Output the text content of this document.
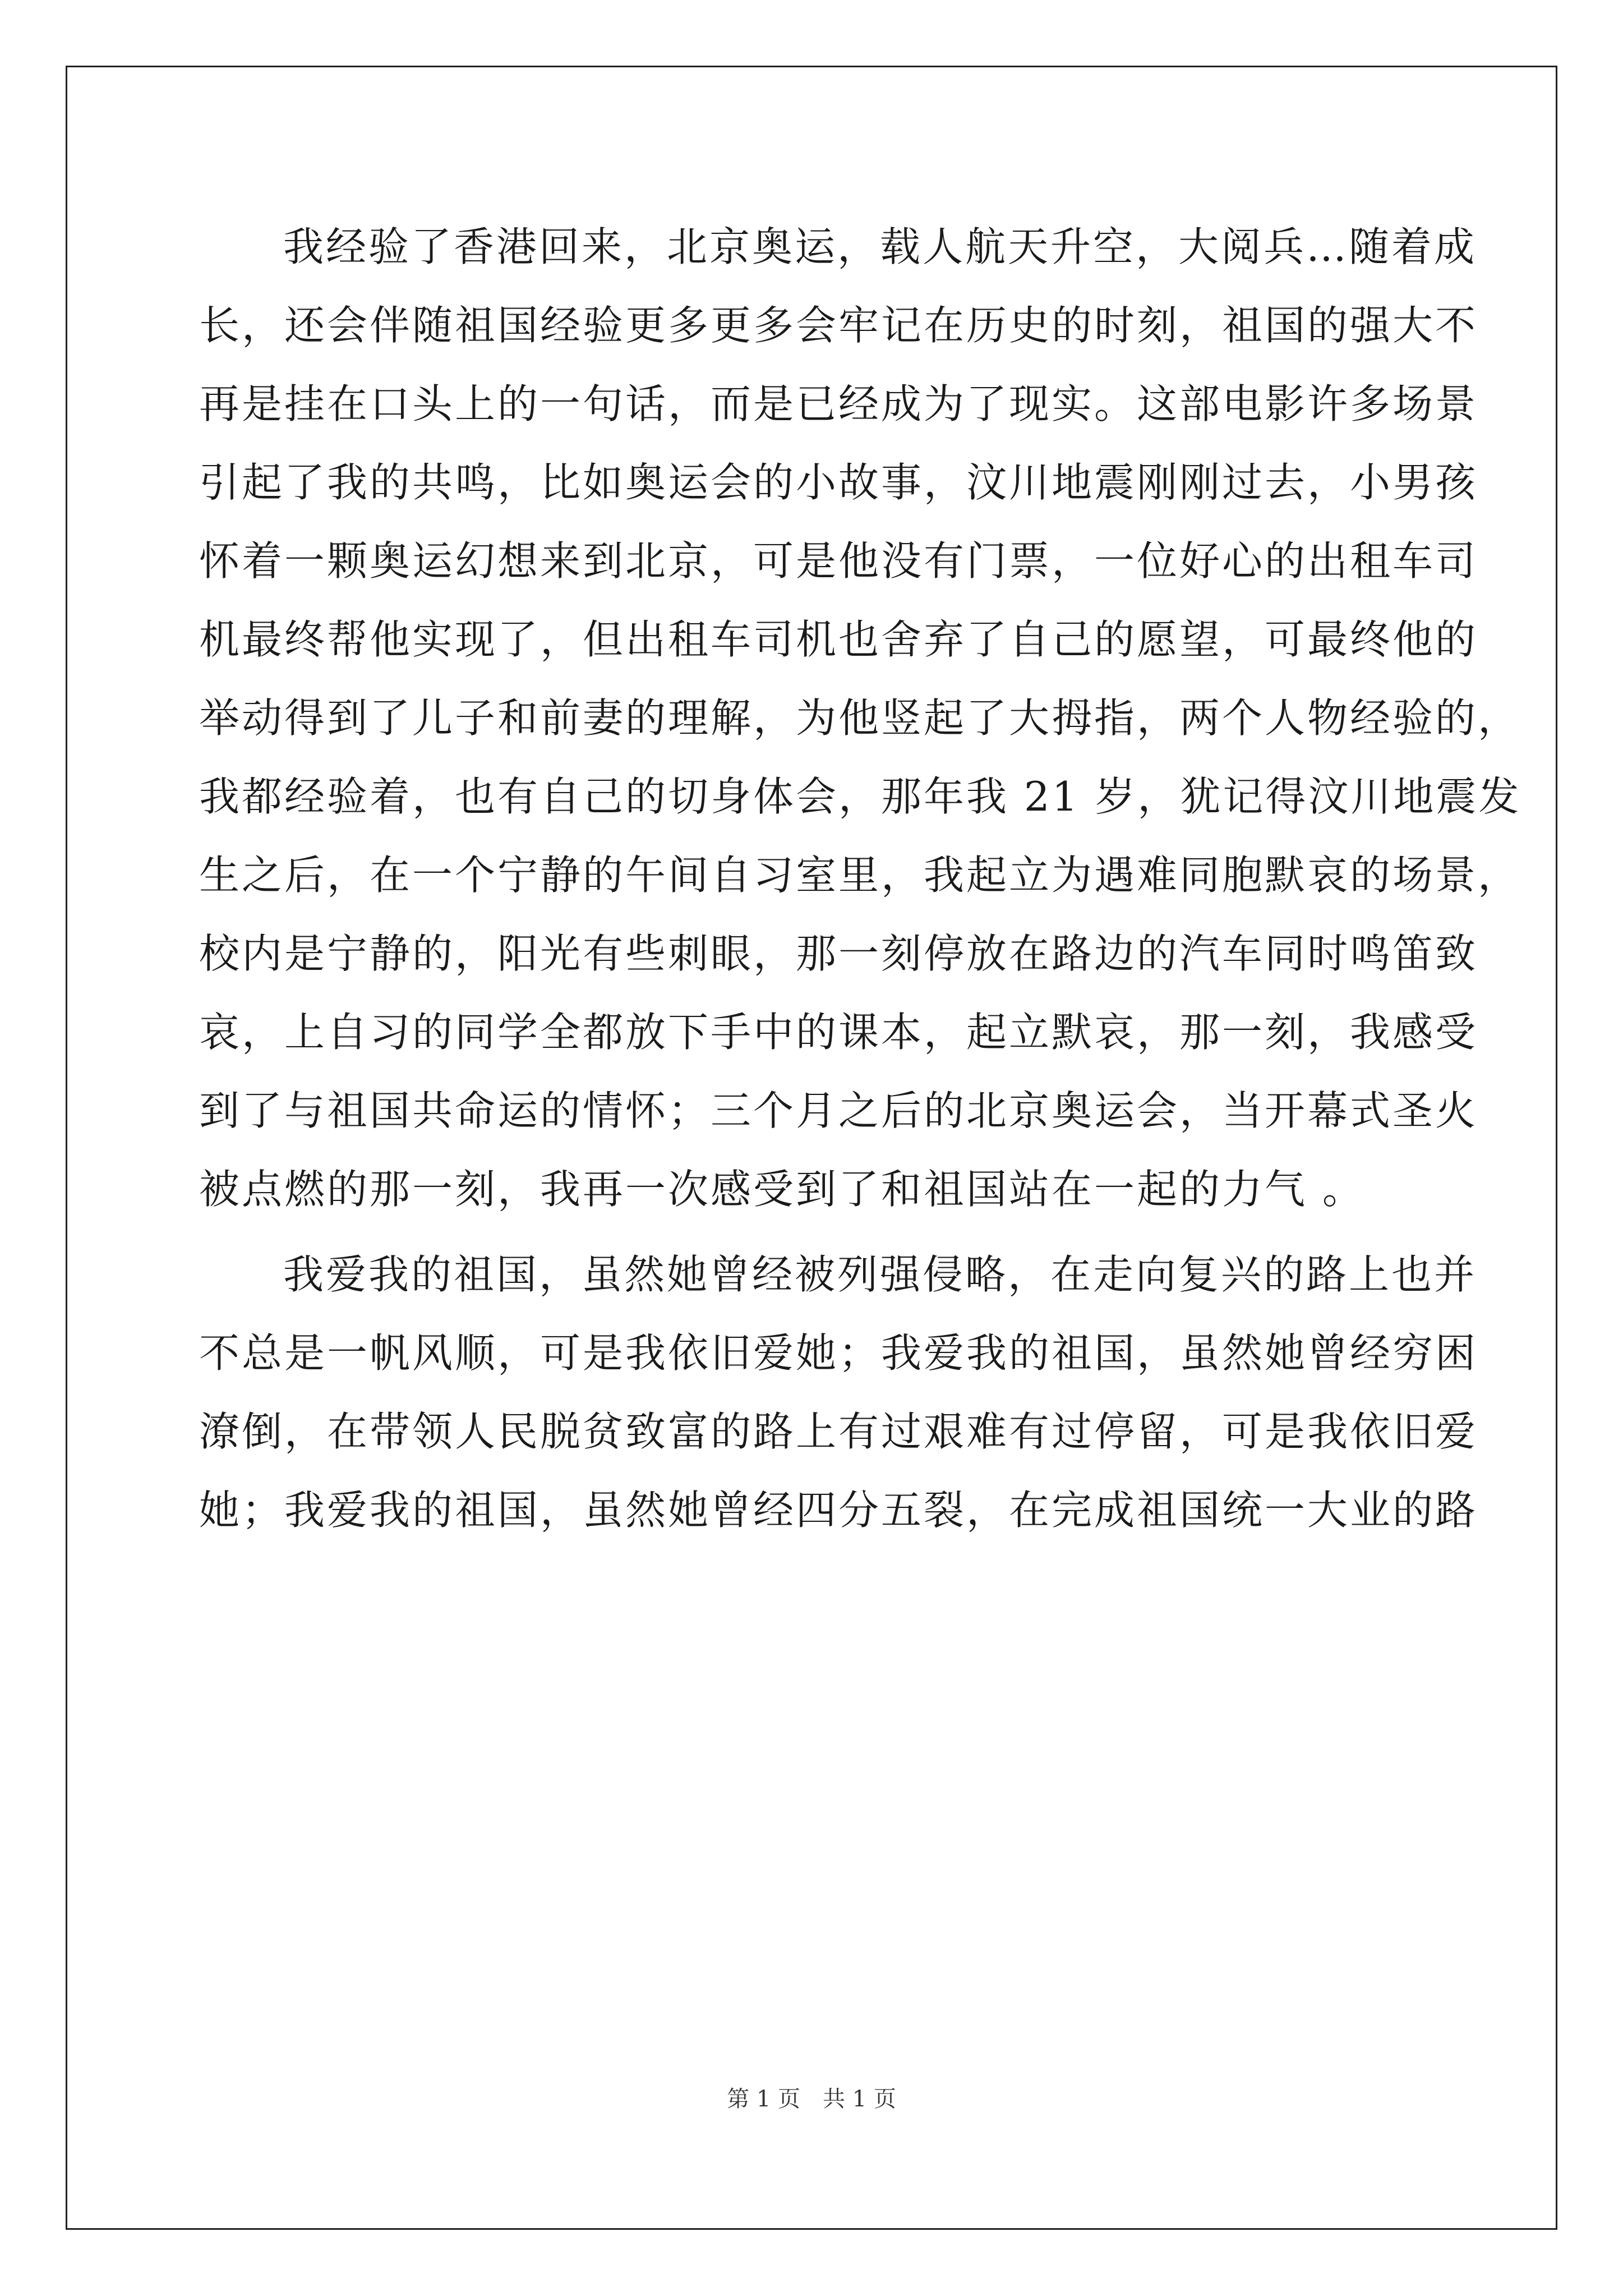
我经验了香港回来，北京奥运，载人航天升空，大阅兵…随着成
长，还会伴随祖国经验更多更多会牢记在历史的时刻，祖国的强大不
再是挂在口头上的一句话，而是已经成为了现实。这部电影许多场景
引起了我的共鸣，比如奥运会的小故事，汶川地震刚刚过去，小男孩
怀着一颗奥运幻想来到北京，可是他没有门票，一位好心的出租车司
机最终帮他实现了，但出租车司机也舍弃了自己的愿望，可最终他的
举动得到了儿子和前妻的理解，为他竖起了大拇指，两个人物经验的，
我都经验着，也有自己的切身体会，那年我 21 岁，犹记得汶川地震发
生之后，在一个宁静的午间自习室里，我起立为遇难同胞默哀的场景，
校内是宁静的，阳光有些刺眼，那一刻停放在路边的汽车同时鸣笛致
哀，上自习的同学全都放下手中的课本，起立默哀，那一刻，我感受
到了与祖国共命运的情怀；三个月之后的北京奥运会，当开幕式圣火
被点燃的那一刻，我再一次感受到了和祖国站在一起的力气 。
我爱我的祖国，虽然她曾经被列强侵略，在走向复兴的路上也并
不总是一帆风顺，可是我依旧爱她；我爱我的祖国，虽然她曾经穷困
潦倒，在带领人民脱贫致富的路上有过艰难有过停留，可是我依旧爱
她；我爱我的祖国，虽然她曾经四分五裂，在完成祖国统一大业的路
第 1 页　共 1 页
